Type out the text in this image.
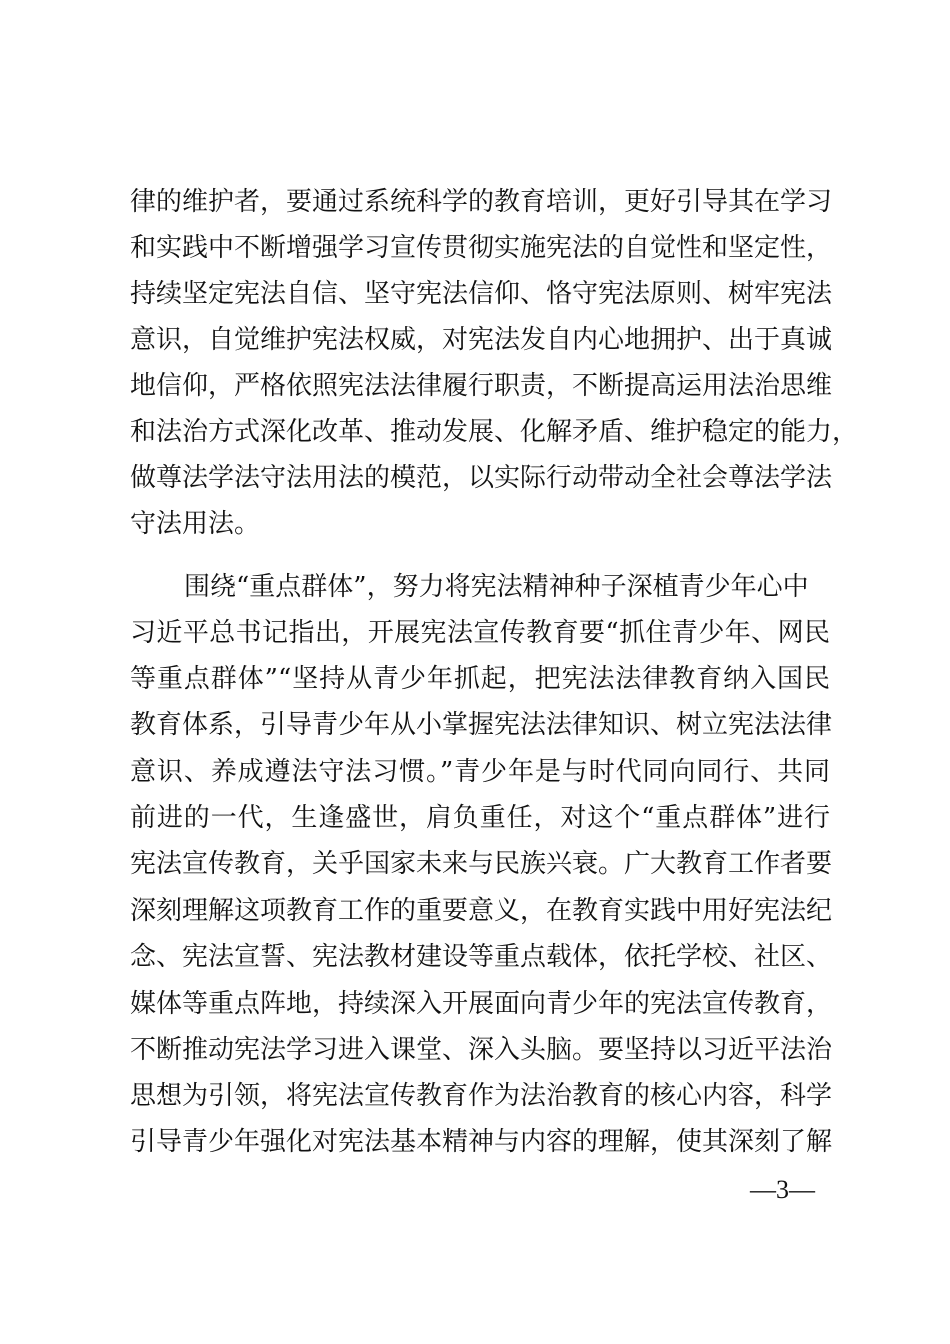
律的维护者，要通过系统科学的教育培训，更好引导其在学习
和实践中不断增强学习宣传贯彻实施宪法的自觉性和坚定性，
持续坚定宪法自信、坚守宪法信仰、恪守宪法原则、树牢宪法
意识，自觉维护宪法权威，对宪法发自内心地拥护、出于真诚
地信仰，严格依照宪法法律履行职责，不断提高运用法治思维
和法治方式深化改革、推动发展、化解矛盾、维护稳定的能力，
做尊法学法守法用法的模范，以实际行动带动全社会尊法学法
守法用法。
围绕“重点群体”，努力将宪法精神种子深植青少年心中
习近平总书记指出，开展宪法宣传教育要“抓住青少年、网民
等重点群体”“坚持从青少年抓起，把宪法法律教育纳入国民
教育体系，引导青少年从小掌握宪法法律知识、树立宪法法律
意识、养成遵法守法习惯。”青少年是与时代同向同行、共同
前进的一代，生逢盛世，肩负重任，对这个“重点群体”进行
宪法宣传教育，关乎国家未来与民族兴衰。广大教育工作者要
深刻理解这项教育工作的重要意义，在教育实践中用好宪法纪
念、宪法宣誓、宪法教材建设等重点载体，依托学校、社区、
媒体等重点阵地，持续深入开展面向青少年的宪法宣传教育，
不断推动宪法学习进入课堂、深入头脑。要坚持以习近平法治
思想为引领，将宪法宣传教育作为法治教育的核心内容，科学
引导青少年强化对宪法基本精神与内容的理解，使其深刻了解
—3—
